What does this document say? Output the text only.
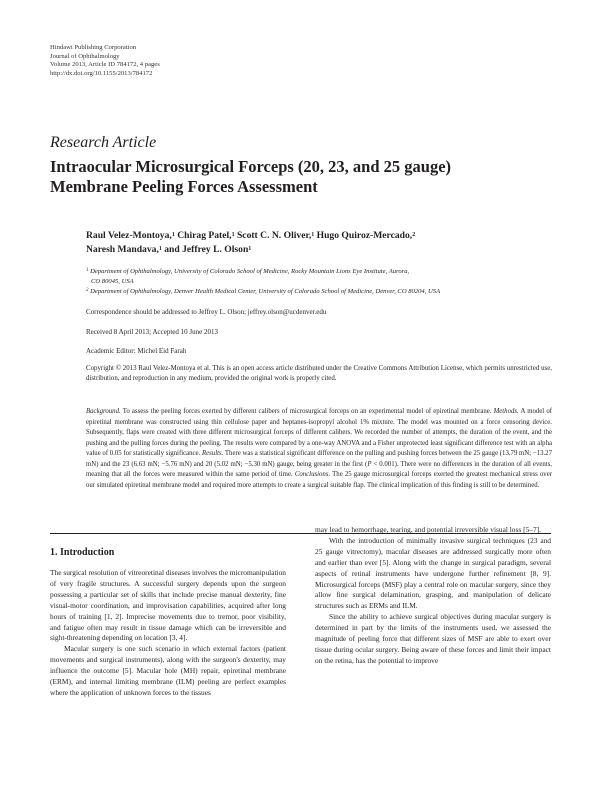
Hindawi Publishing Corporation
Journal of Ophthalmology
Volume 2013, Article ID 784172, 4 pages
http://dx.doi.org/10.1155/2013/784172
Research Article
Intraocular Microsurgical Forceps (20, 23, and 25 gauge)
Membrane Peeling Forces Assessment
Raul Velez-Montoya,$^1$ Chirag Patel,$^1$ Scott C. N. Oliver,$^1$ Hugo Quiroz-Mercado,$^2$
Naresh Mandava,$^1$ and Jeffrey L. Olson$^1$
$^1$ Department of Ophthalmology, University of Colorado School of Medicine, Rocky Mountain Lions Eye Institute, Aurora,
CO 80045, USA
$^2$ Department of Ophthalmology, Denver Health Medical Center, University of Colorado School of Medicine, Denver, CO 80204, USA
Correspondence should be addressed to Jeffrey L. Olson; jeffrey.olson@ucdenver.edu
Received 8 April 2013; Accepted 10 June 2013
Academic Editor: Michel Eid Farah
Copyright © 2013 Raul Velez-Montoya et al. This is an open access article distributed under the Creative Commons Attribution License, which permits unrestricted use, distribution, and reproduction in any medium, provided the original work is properly cited.
Background. To assess the peeling forces exerted by different calibers of microsurgical forceps on an experimental model of epiretinal membrane. Methods. A model of epiretinal membrane was constructed using thin cellulose paper and heptanes-isopropyl alcohol 1% mixture. The model was mounted on a force censoring device. Subsequently, flaps were created with three different microsurgical forceps of different calibers. We recorded the number of attempts, the duration of the event, and the pushing and the pulling forces during the peeling. The results were compared by a one-way ANOVA and a Fisher unprotected least significant difference test with an alpha value of 0.05 for statistically significance. Results. There was a statistical significant difference on the pulling and pushing forces between the 25 gauge (13.79 mN; −13.27 mN) and the 23 (6.63 mN; −5.76 mN) and 20 (5.02 mN; −5.30 mN) gauge, being greater in the first (P < 0.001). There were no differences in the duration of all events, meaning that all the forces were measured within the same period of time. Conclusions. The 25 gauge microsurgical forceps exerted the greatest mechanical stress over our simulated epiretinal membrane model and required more attempts to create a surgical suitable flap. The clinical implication of this finding is still to be determined.
1. Introduction

The surgical resolution of vitreoretinal diseases involves the micromanipulation of very fragile structures. A successful surgery depends upon the surgeon possessing a particular set of skills that include precise manual dexterity, fine visual-motor coordination, and improvisation capabilities, acquired after long hours of training [1, 2]. Imprecise movements due to tremor, poor visibility, and fatigue often may result in tissue damage which can be irreversible and sight-threatening depending on location [3, 4].

Macular surgery is one such scenario in which external factors (patient movements and surgical instruments), along with the surgeon's dexterity, may influence the outcome [5]. Macular hole (MH) repair, epiretinal membrane (ERM), and internal limiting membrane (ILM) peeling are perfect examples where the application of unknown forces to the tissues

may lead to hemorrhage, tearing, and potential irreversible visual loss [5–7].

With the introduction of minimally invasive surgical techniques (23 and 25 gauge vitrectomy), macular diseases are addressed surgically more often and earlier than ever [5]. Along with the change in surgical paradigm, several aspects of retinal instruments have undergone further refinement [8, 9]. Microsurgical forceps (MSF) play a central role on macular surgery, since they allow fine surgical delamination, grasping, and manipulation of delicate structures such as ERMs and ILM.

Since the ability to achieve surgical objectives during macular surgery is determined in part by the limits of the instruments used, we assessed the magnitude of peeling force that different sizes of MSF are able to exert over tissue during ocular surgery. Being aware of these forces and limit their impact on the retina, has the potential to improve
